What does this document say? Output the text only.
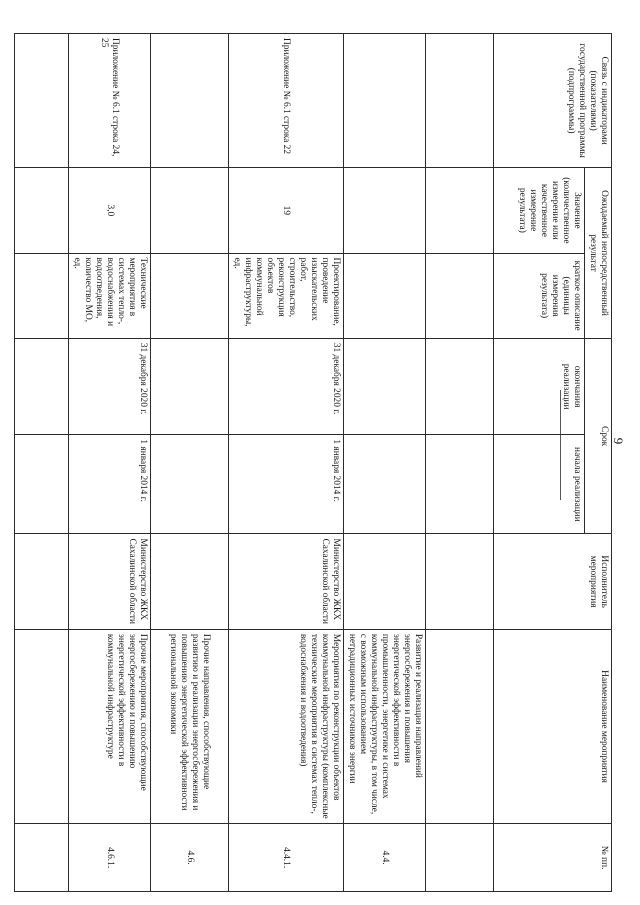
9
Связь с индикаторами (показателями) государственной программы (подпрограммы)	Ожидаемый непосредственный результат		Срок		Исполнитель мероприятия	Наименование мероприятия	№ пп.
	Значение (количественное измерение или качественное измерение результата)	краткое описание (единицы измерения результата)	окончания реализации	начала реализации			

						Развитие и реализация направлений энергосбережения и повышения энергетической эффективности в промышленности, энергетике и системах коммунальной инфраструктуры, в том числе, с возможным использованием нетрадиционных источников энергии	4.4.
Приложение № 6.1 строка 22	19	Проектирование, проведение изыскательских работ, строительство, реконструкция объектов коммунальной инфраструктуры, ед.	31 декабря 2020 г.	1 января 2014 г.	Министерство ЖКХ Сахалинской области	Мероприятия по реконструкции объектов коммунальной инфраструктуры (комплексные технические мероприятия в системах тепло-, водоснабжения и водоотведения)	4.4.1.
						Прочие направления, способствующие развитию и реализации энергосбережения и повышению энергетической эффективности региональной экономики	4.6.
Приложение № 6.1 строка 24, 25	3,0	Технические мероприятия в системах тепло-, водоснабжения и водоотведения, количество МО, ед.	31 декабря 2020 г.	1 января 2014 г.	Министерство ЖКХ Сахалинской области	Прочие мероприятия, способствующие энергосбережению и повышению энергетической эффективности в коммунальной инфраструктуре	4.6.1.
